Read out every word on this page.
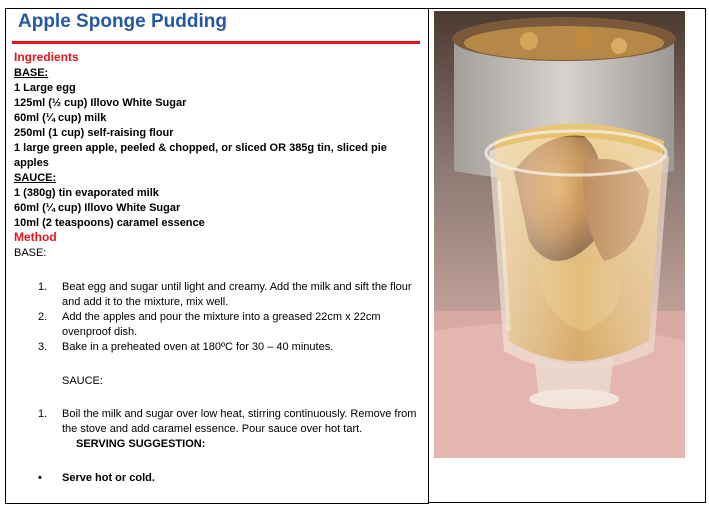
Apple Sponge Pudding
Ingredients
BASE:
1 Large egg
125ml (½ cup) Illovo White Sugar
60ml (¼ cup) milk
250ml (1 cup) self-raising flour
1 large green apple, peeled & chopped, or sliced OR 385g tin, sliced pie
apples
SAUCE:
1 (380g) tin evaporated milk
60ml (¼ cup) Illovo White Sugar
10ml (2 teaspoons) caramel essence
Method
BASE:
1.	Beat egg and sugar until light and creamy. Add the milk and sift the flour and add it to the mixture, mix well.
2.	Add the apples and pour the mixture into a greased 22cm x 22cm ovenproof dish.
3.	Bake in a preheated oven at 180ºC for 30 – 40 minutes.
SAUCE:
1.	Boil the milk and sugar over low heat, stirring continuously. Remove from the stove and add caramel essence. Pour sauce over hot tart.
SERVING SUGGESTION:
•	Serve hot or cold.
